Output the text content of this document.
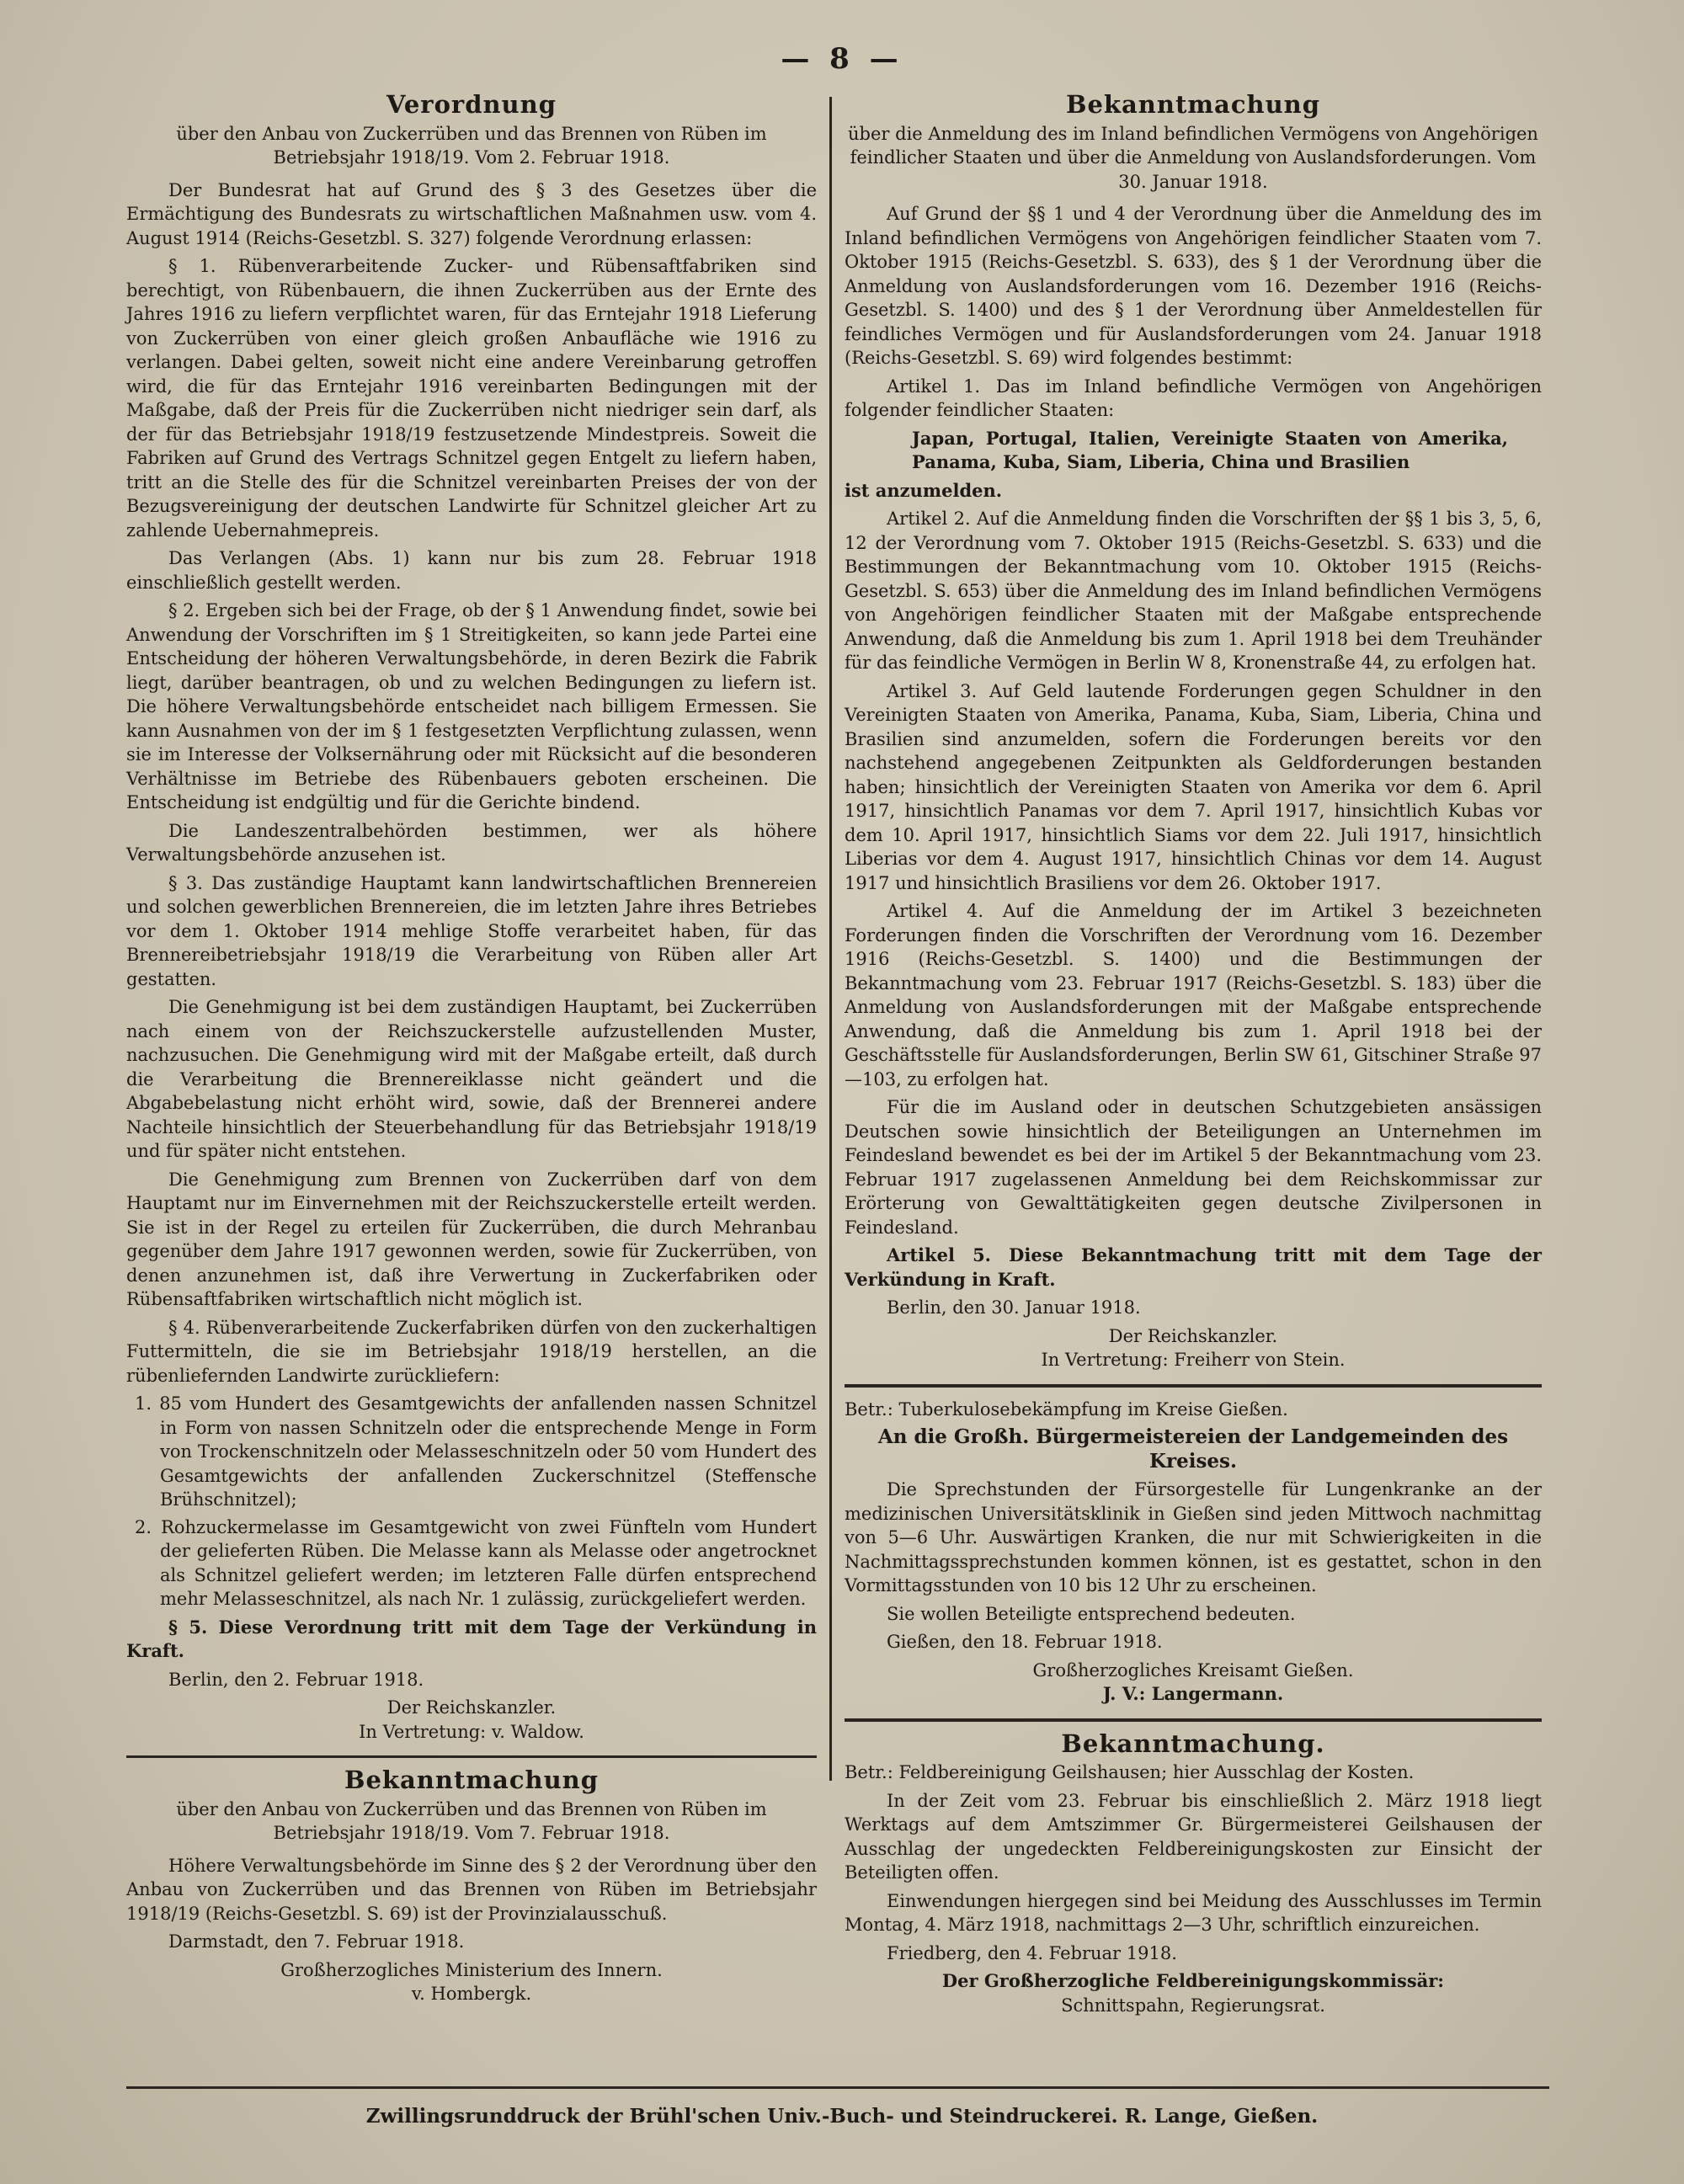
— 8 —
Verordnung

über den Anbau von Zuckerrüben und das Brennen von Rüben im Betriebsjahr 1918/19. Vom 2. Februar 1918.

Der Bundesrat hat auf Grund des § 3 des Gesetzes über die Ermächtigung des Bundesrats zu wirtschaftlichen Maßnahmen usw. vom 4. August 1914 (Reichs-Gesetzbl. S. 327) folgende Verordnung erlassen:

§ 1. Rübenverarbeitende Zucker- und Rübensaftfabriken sind berechtigt, von Rübenbauern, die ihnen Zuckerrüben aus der Ernte des Jahres 1916 zu liefern verpflichtet waren, für das Erntejahr 1918 Lieferung von Zuckerrüben von einer gleich großen Anbaufläche wie 1916 zu verlangen. Dabei gelten, soweit nicht eine andere Vereinbarung getroffen wird, die für das Erntejahr 1916 vereinbarten Bedingungen mit der Maßgabe, daß der Preis für die Zuckerrüben nicht niedriger sein darf, als der für das Betriebsjahr 1918/19 festzusetzende Mindestpreis. Soweit die Fabriken auf Grund des Vertrags Schnitzel gegen Entgelt zu liefern haben, tritt an die Stelle des für die Schnitzel vereinbarten Preises der von der Bezugsvereinigung der deutschen Landwirte für Schnitzel gleicher Art zu zahlende Uebernahmepreis.

Das Verlangen (Abs. 1) kann nur bis zum 28. Februar 1918 einschließlich gestellt werden.

§ 2. Ergeben sich bei der Frage, ob der § 1 Anwendung findet, sowie bei Anwendung der Vorschriften im § 1 Streitigkeiten, so kann jede Partei eine Entscheidung der höheren Verwaltungsbehörde, in deren Bezirk die Fabrik liegt, darüber beantragen, ob und zu welchen Bedingungen zu liefern ist. Die höhere Verwaltungsbehörde entscheidet nach billigem Ermessen. Sie kann Ausnahmen von der im § 1 festgesetzten Verpflichtung zulassen, wenn sie im Interesse der Volksernährung oder mit Rücksicht auf die besonderen Verhältnisse im Betriebe des Rübenbauers geboten erscheinen. Die Entscheidung ist endgültig und für die Gerichte bindend.

Die Landeszentralbehörden bestimmen, wer als höhere Verwaltungsbehörde anzusehen ist.

§ 3. Das zuständige Hauptamt kann landwirtschaftlichen Brennereien und solchen gewerblichen Brennereien, die im letzten Jahre ihres Betriebes vor dem 1. Oktober 1914 mehlige Stoffe verarbeitet haben, für das Brennereibetriebsjahr 1918/19 die Verarbeitung von Rüben aller Art gestatten.

Die Genehmigung ist bei dem zuständigen Hauptamt, bei Zuckerrüben nach einem von der Reichszuckerstelle aufzustellenden Muster, nachzusuchen. Die Genehmigung wird mit der Maßgabe erteilt, daß durch die Verarbeitung die Brennereiklasse nicht geändert und die Abgabebelastung nicht erhöht wird, sowie, daß der Brennerei andere Nachteile hinsichtlich der Steuerbehandlung für das Betriebsjahr 1918/19 und für später nicht entstehen.

Die Genehmigung zum Brennen von Zuckerrüben darf von dem Hauptamt nur im Einvernehmen mit der Reichszuckerstelle erteilt werden. Sie ist in der Regel zu erteilen für Zuckerrüben, die durch Mehranbau gegenüber dem Jahre 1917 gewonnen werden, sowie für Zuckerrüben, von denen anzunehmen ist, daß ihre Verwertung in Zuckerfabriken oder Rübensaftfabriken wirtschaftlich nicht möglich ist.

§ 4. Rübenverarbeitende Zuckerfabriken dürfen von den zuckerhaltigen Futtermitteln, die sie im Betriebsjahr 1918/19 herstellen, an die rübenliefernden Landwirte zurückliefern:

1. 85 vom Hundert des Gesamtgewichts der anfallenden nassen Schnitzel in Form von nassen Schnitzeln oder die entsprechende Menge in Form von Trockenschnitzeln oder Melasseschnitzeln oder 50 vom Hundert des Gesamtgewichts der anfallenden Zuckerschnitzel (Steffensche Brühschnitzel);
2. Rohzuckermelasse im Gesamtgewicht von zwei Fünfteln vom Hundert der gelieferten Rüben. Die Melasse kann als Melasse oder angetrocknet als Schnitzel geliefert werden; im letzteren Falle dürfen entsprechend mehr Melasseschnitzel, als nach Nr. 1 zulässig, zurückgeliefert werden.

§ 5. Diese Verordnung tritt mit dem Tage der Verkündung in Kraft.

Berlin, den 2. Februar 1918.

Der Reichskanzler.

In Vertretung: v. Waldow.

Bekanntmachung

über den Anbau von Zuckerrüben und das Brennen von Rüben im Betriebsjahr 1918/19. Vom 7. Februar 1918.

Höhere Verwaltungsbehörde im Sinne des § 2 der Verordnung über den Anbau von Zuckerrüben und das Brennen von Rüben im Betriebsjahr 1918/19 (Reichs-Gesetzbl. S. 69) ist der Provinzialausschuß.

Darmstadt, den 7. Februar 1918.

Großherzogliches Ministerium des Innern.

v. Hombergk.

Bekanntmachung

über die Anmeldung des im Inland befindlichen Vermögens von Angehörigen feindlicher Staaten und über die Anmeldung von Auslandsforderungen. Vom 30. Januar 1918.

Auf Grund der §§ 1 und 4 der Verordnung über die Anmeldung des im Inland befindlichen Vermögens von Angehörigen feindlicher Staaten vom 7. Oktober 1915 (Reichs-Gesetzbl. S. 633), des § 1 der Verordnung über die Anmeldung von Auslandsforderungen vom 16. Dezember 1916 (Reichs-Gesetzbl. S. 1400) und des § 1 der Verordnung über Anmeldestellen für feindliches Vermögen und für Auslandsforderungen vom 24. Januar 1918 (Reichs-Gesetzbl. S. 69) wird folgendes bestimmt:

Artikel 1. Das im Inland befindliche Vermögen von Angehörigen folgender feindlicher Staaten:

Japan, Portugal, Italien, Vereinigte Staaten von Amerika, Panama, Kuba, Siam, Liberia, China und Brasilien

ist anzumelden.

Artikel 2. Auf die Anmeldung finden die Vorschriften der §§ 1 bis 3, 5, 6, 12 der Verordnung vom 7. Oktober 1915 (Reichs-Gesetzbl. S. 633) und die Bestimmungen der Bekanntmachung vom 10. Oktober 1915 (Reichs-Gesetzbl. S. 653) über die Anmeldung des im Inland befindlichen Vermögens von Angehörigen feindlicher Staaten mit der Maßgabe entsprechende Anwendung, daß die Anmeldung bis zum 1. April 1918 bei dem Treuhänder für das feindliche Vermögen in Berlin W 8, Kronenstraße 44, zu erfolgen hat.

Artikel 3. Auf Geld lautende Forderungen gegen Schuldner in den Vereinigten Staaten von Amerika, Panama, Kuba, Siam, Liberia, China und Brasilien sind anzumelden, sofern die Forderungen bereits vor den nachstehend angegebenen Zeitpunkten als Geldforderungen bestanden haben; hinsichtlich der Vereinigten Staaten von Amerika vor dem 6. April 1917, hinsichtlich Panamas vor dem 7. April 1917, hinsichtlich Kubas vor dem 10. April 1917, hinsichtlich Siams vor dem 22. Juli 1917, hinsichtlich Liberias vor dem 4. August 1917, hinsichtlich Chinas vor dem 14. August 1917 und hinsichtlich Brasiliens vor dem 26. Oktober 1917.

Artikel 4. Auf die Anmeldung der im Artikel 3 bezeichneten Forderungen finden die Vorschriften der Verordnung vom 16. Dezember 1916 (Reichs-Gesetzbl. S. 1400) und die Bestimmungen der Bekanntmachung vom 23. Februar 1917 (Reichs-Gesetzbl. S. 183) über die Anmeldung von Auslandsforderungen mit der Maßgabe entsprechende Anwendung, daß die Anmeldung bis zum 1. April 1918 bei der Geschäftsstelle für Auslandsforderungen, Berlin SW 61, Gitschiner Straße 97—103, zu erfolgen hat.

Für die im Ausland oder in deutschen Schutzgebieten ansässigen Deutschen sowie hinsichtlich der Beteiligungen an Unternehmen im Feindesland bewendet es bei der im Artikel 5 der Bekanntmachung vom 23. Februar 1917 zugelassenen Anmeldung bei dem Reichskommissar zur Erörterung von Gewalttätigkeiten gegen deutsche Zivilpersonen in Feindesland.

Artikel 5. Diese Bekanntmachung tritt mit dem Tage der Verkündung in Kraft.

Berlin, den 30. Januar 1918.

Der Reichskanzler.

In Vertretung: Freiherr von Stein.

Betr.: Tuberkulosebekämpfung im Kreise Gießen.

An die Großh. Bürgermeistereien der Landgemeinden des Kreises.

Die Sprechstunden der Fürsorgestelle für Lungenkranke an der medizinischen Universitätsklinik in Gießen sind jeden Mittwoch nachmittag von 5—6 Uhr. Auswärtigen Kranken, die nur mit Schwierigkeiten in die Nachmittagssprechstunden kommen können, ist es gestattet, schon in den Vormittagsstunden von 10 bis 12 Uhr zu erscheinen.

Sie wollen Beteiligte entsprechend bedeuten.

Gießen, den 18. Februar 1918.

Großherzogliches Kreisamt Gießen.

J. V.: Langermann.

Bekanntmachung.

Betr.: Feldbereinigung Geilshausen; hier Ausschlag der Kosten.

In der Zeit vom 23. Februar bis einschließlich 2. März 1918 liegt Werktags auf dem Amtszimmer Gr. Bürgermeisterei Geilshausen der Ausschlag der ungedeckten Feldbereinigungskosten zur Einsicht der Beteiligten offen.

Einwendungen hiergegen sind bei Meidung des Ausschlusses im Termin Montag, 4. März 1918, nachmittags 2—3 Uhr, schriftlich einzureichen.

Friedberg, den 4. Februar 1918.

Der Großherzogliche Feldbereinigungskommissär:

Schnittspahn, Regierungsrat.

Zwillingsrunddruck der Brühl'schen Univ.-Buch- und Steindruckerei. R. Lange, Gießen.
